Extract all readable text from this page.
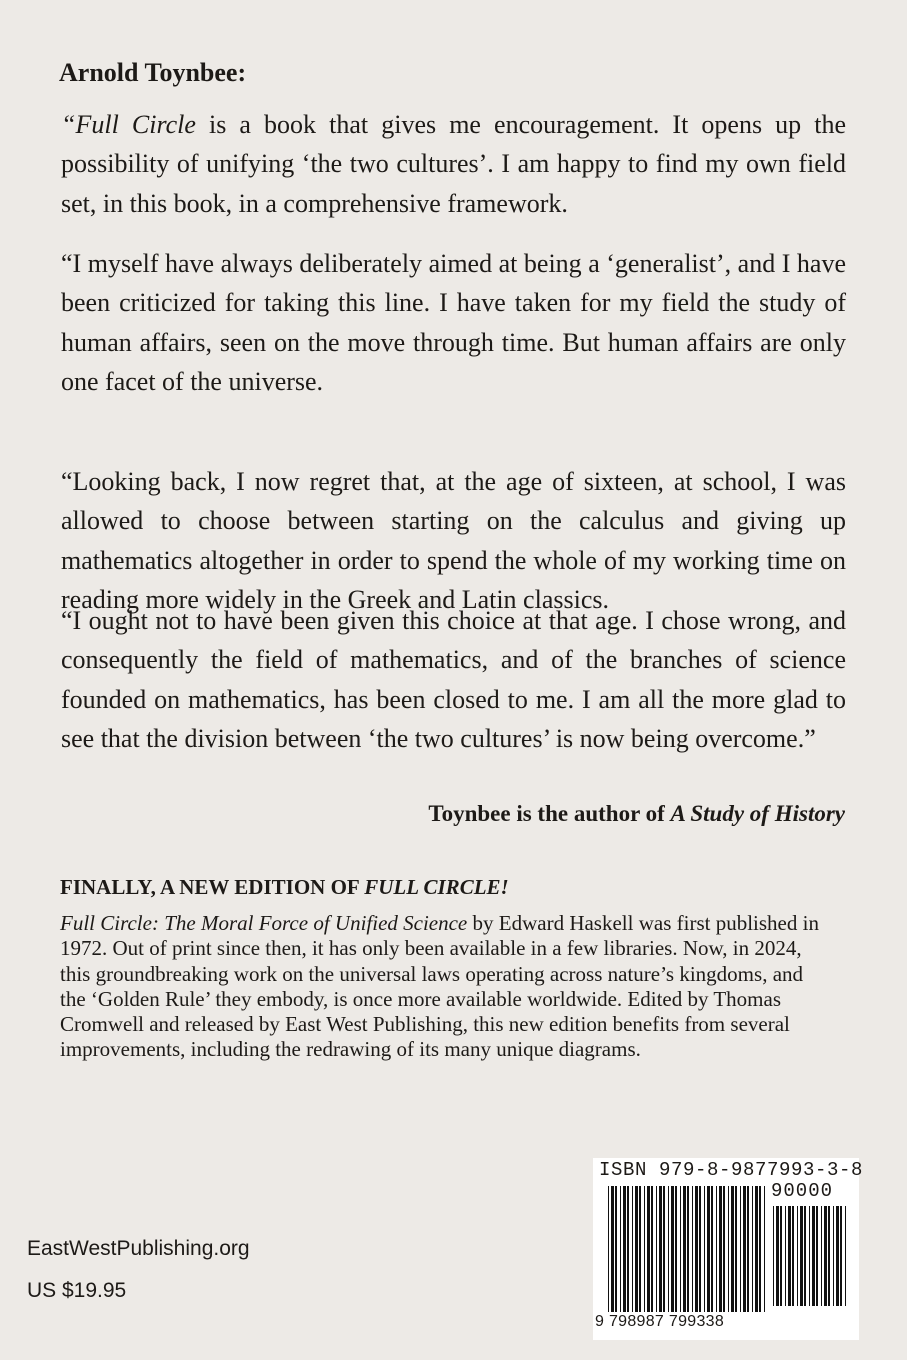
Arnold Toynbee:

“Full Circle is a book that gives me encouragement. It opens up the possibility of unifying ‘the two cultures’. I am happy to find my own field set, in this book, in a comprehensive framework.

“I myself have always deliberately aimed at being a ‘generalist’, and I have been criticized for taking this line. I have taken for my field the study of human affairs, seen on the move through time. But human affairs are only one facet of the universe.

“Looking back, I now regret that, at the age of sixteen, at school, I was allowed to choose between starting on the calculus and giving up mathematics altogether in order to spend the whole of my working time on reading more widely in the Greek and Latin classics.

“I ought not to have been given this choice at that age. I chose wrong, and consequently the field of mathematics, and of the branches of science founded on mathematics, has been closed to me. I am all the more glad to see that the division between ‘the two cultures’ is now being overcome.”

Toynbee is the author of A Study of History

FINALLY, A NEW EDITION OF FULL CIRCLE!

Full Circle: The Moral Force of Unified Science by Edward Haskell was first published in 1972. Out of print since then, it has only been available in a few libraries. Now, in 2024, this groundbreaking work on the universal laws operating across nature’s kingdoms, and the ‘Golden Rule’ they embody, is once more available worldwide. Edited by Thomas Cromwell and released by East West Publishing, this new edition benefits from several improvements, including the redrawing of its many unique diagrams.

EastWestPublishing.org

US $19.95

ISBN 979-8-9877993-3-8
90000
9 798987 799338
